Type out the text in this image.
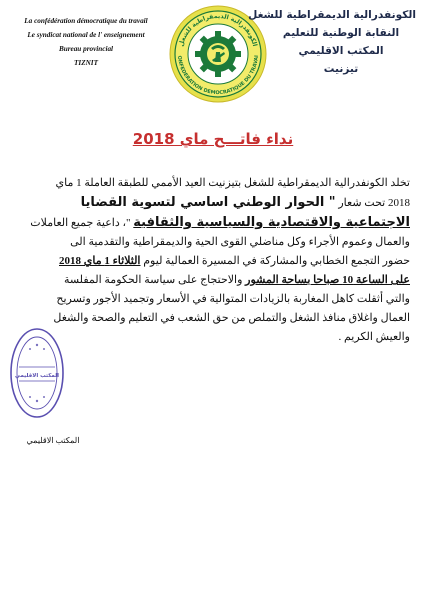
La confédération démocratique du travail
Le syndicat national de l' enseignement
Bureau provincial
TIZNIT
الكونفدرالية الديمقراطية للشغل
ONFEDERATION DEMOCRATIQUE DU TRAVAI
الكونفدرالية الديمقراطية للشغل
النقابة الوطنية للتعليم
المكتب الاقليمي
تيزنيت
نداء فاتـــح ماي 2018
تخلد الكونفدرالية الديمقراطية للشغل بتيزنيت العيد الأممي للطبقة العاملة 1 ماي
2018 تحت شعار " الحوار الوطني اساسي لتسوية القضايا
الاجتماعية والاقتصادية والسياسية والثقافية "، داعية جميع العاملات
والعمال وعموم الأجراء وكل مناضلي القوى الحية والديمقراطية والتقدمية الى
حضور التجمع الخطابي والمشاركة في المسيرة العمالية ليوم الثلاثاء 1 ماي 2018
على الساعة 10 صباحا بساحة المشور والاحتجاج على سياسة الحكومة المفلسة
والتي أثقلت كاهل المغاربة بالزيادات المتوالية في الأسعار وتجميد الأجور وتسريح
العمال واغلاق منافذ الشغل والتملص من حق الشعب في التعليم والصحة والشغل
والعيش الكريم .
المكتب الاقليمي
المكتب الاقليمي
